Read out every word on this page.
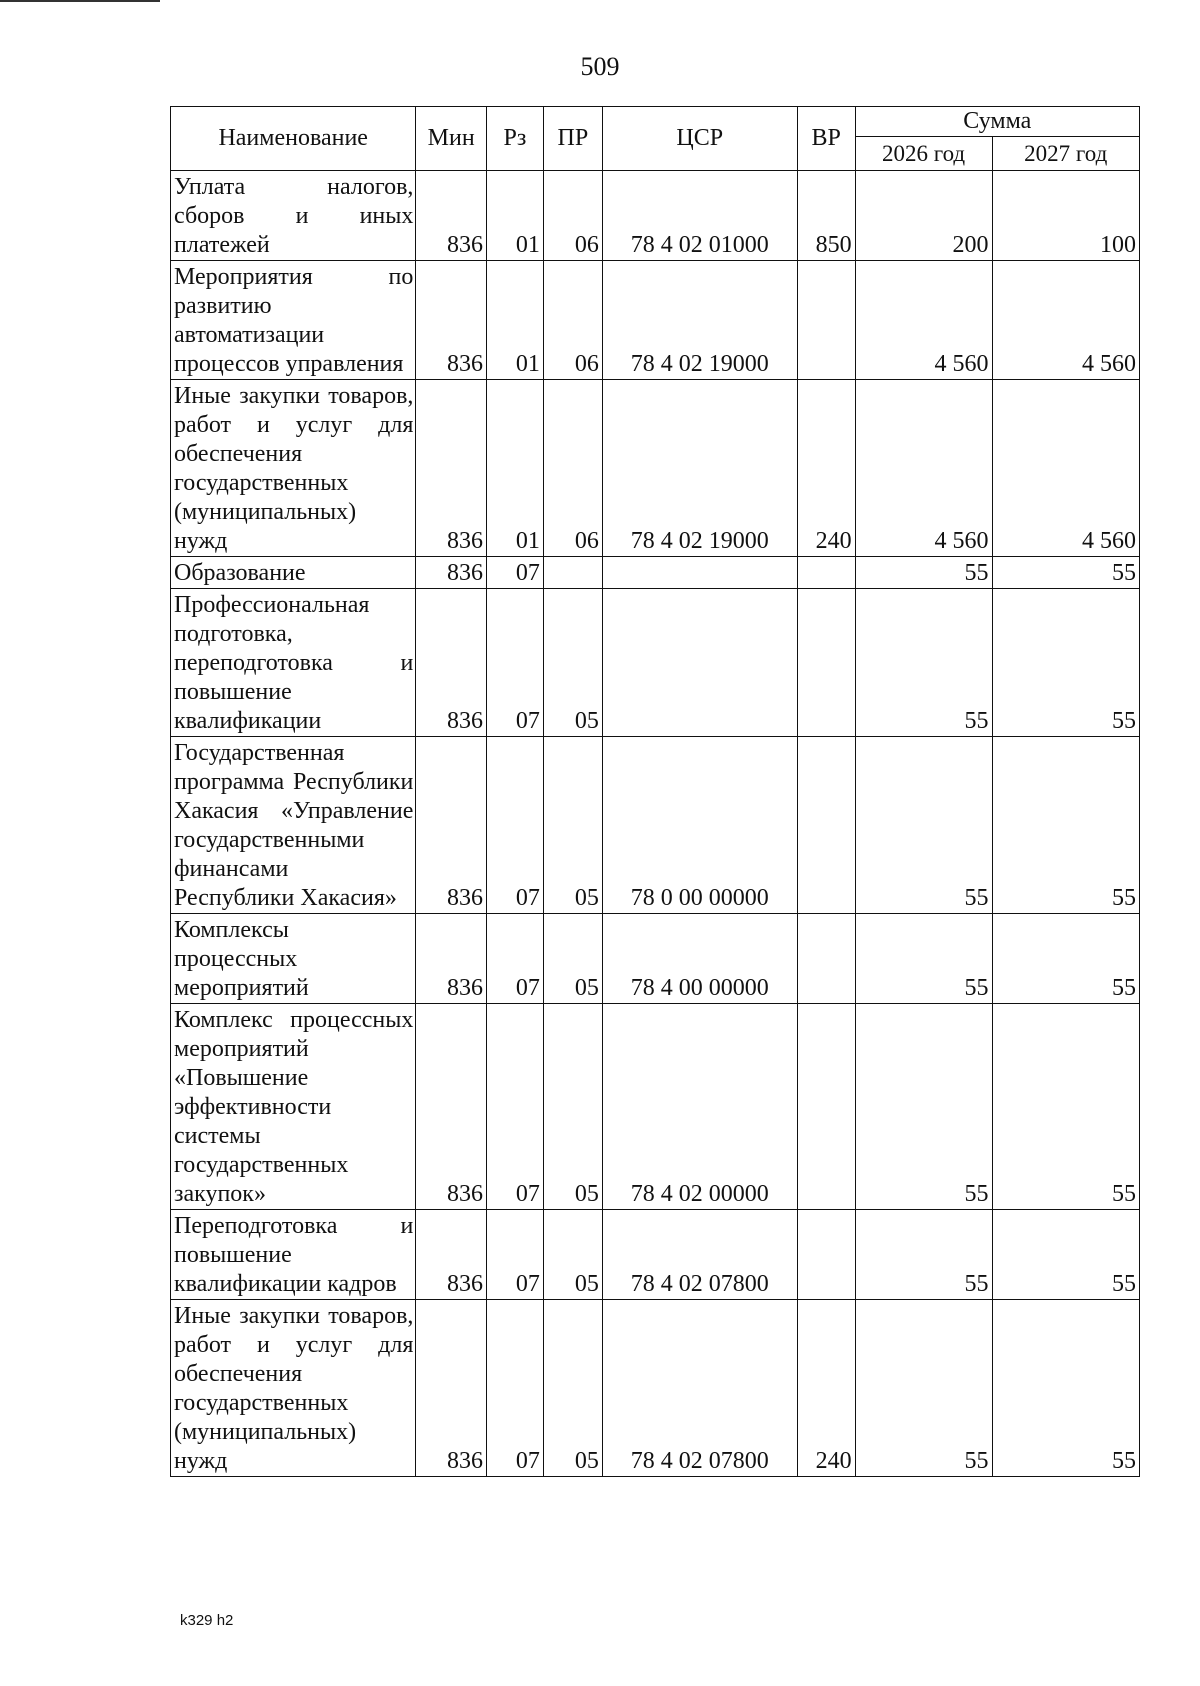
509
Наименование	Мин	Рз	ПР	ЦСР	ВР	Сумма	
						2026 год	2027 год
Уплата налогов, сборов и иных платежей	836	01	06	78 4 02 01000	850	200	100
Мероприятия по развитию автоматизации процессов управления	836	01	06	78 4 02 19000		4 560	4 560
Иные закупки товаров, работ и услуг для обеспечения государственных (муниципальных) нужд	836	01	06	78 4 02 19000	240	4 560	4 560
Образование	836	07				55	55
Профессиональная подготовка, переподготовка и повышение квалификации	836	07	05			55	55
Государственная программа Республики Хакасия «Управление государственными финансами Республики Хакасия»	836	07	05	78 0 00 00000		55	55
Комплексы процессных мероприятий	836	07	05	78 4 00 00000		55	55
Комплекс процессных мероприятий «Повышение эффективности системы государственных закупок»	836	07	05	78 4 02 00000		55	55
Переподготовка и повышение квалификации кадров	836	07	05	78 4 02 07800		55	55
Иные закупки товаров, работ и услуг для обеспечения государственных (муниципальных) нужд	836	07	05	78 4 02 07800	240	55	55
k329 h2
